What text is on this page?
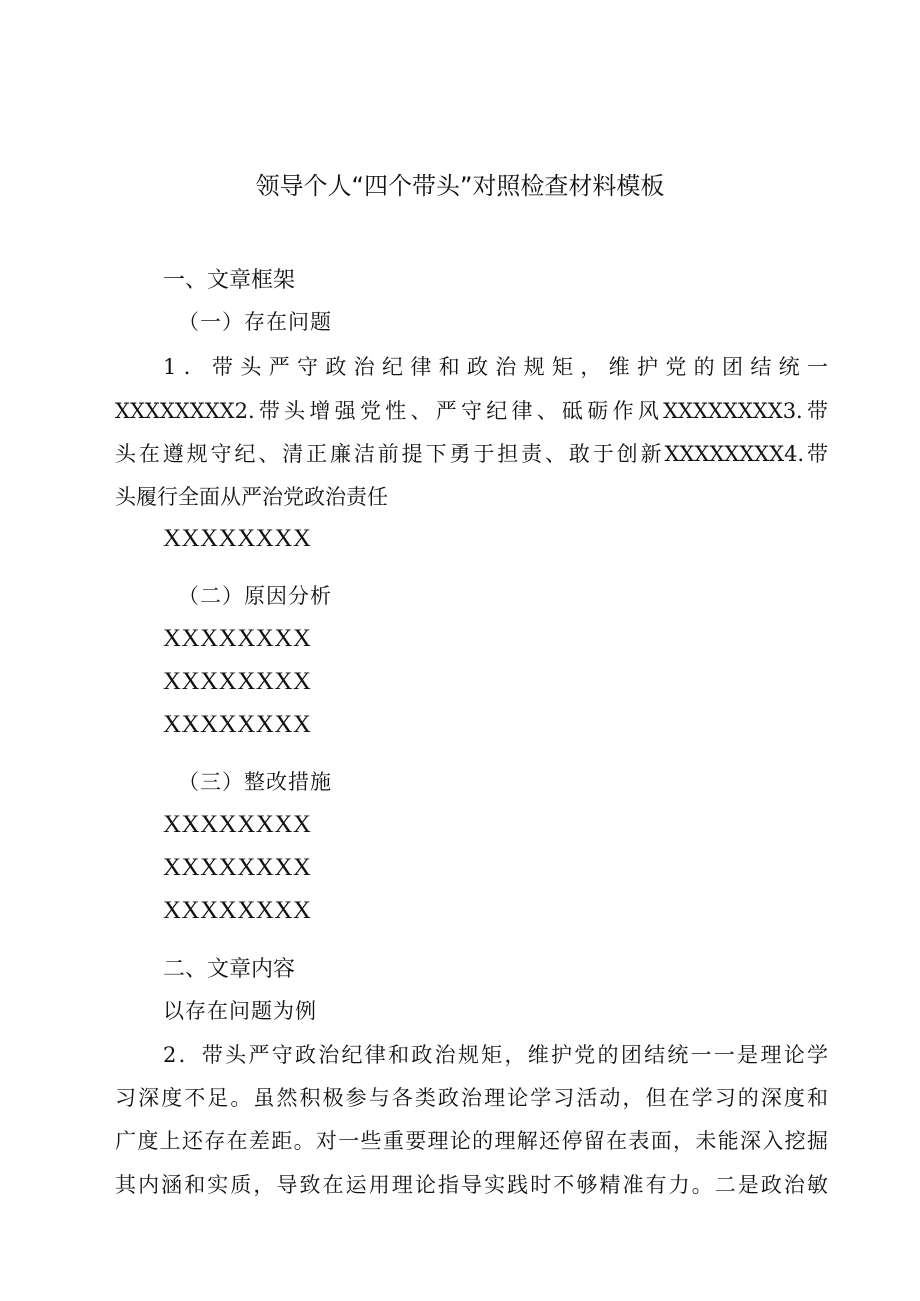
领导个人“四个带头”对照检查材料模板
一、文章框架
（一）存在问题
1．带头严守政治纪律和政治规矩，维护党的团结统一
XXXXXXXX2.带头增强党性、严守纪律、砥砺作风XXXXXXXX3.带
头在遵规守纪、清正廉洁前提下勇于担责、敢于创新XXXXXXXX4.带
头履行全面从严治党政治责任
XXXXXXXX
（二）原因分析
XXXXXXXX
XXXXXXXX
XXXXXXXX
（三）整改措施
XXXXXXXX
XXXXXXXX
XXXXXXXX
二、文章内容
以存在问题为例
2．带头严守政治纪律和政治规矩，维护党的团结统一一是理论学
习深度不足。虽然积极参与各类政治理论学习活动，但在学习的深度和
广度上还存在差距。对一些重要理论的理解还停留在表面，未能深入挖掘
其内涵和实质，导致在运用理论指导实践时不够精准有力。二是政治敏
